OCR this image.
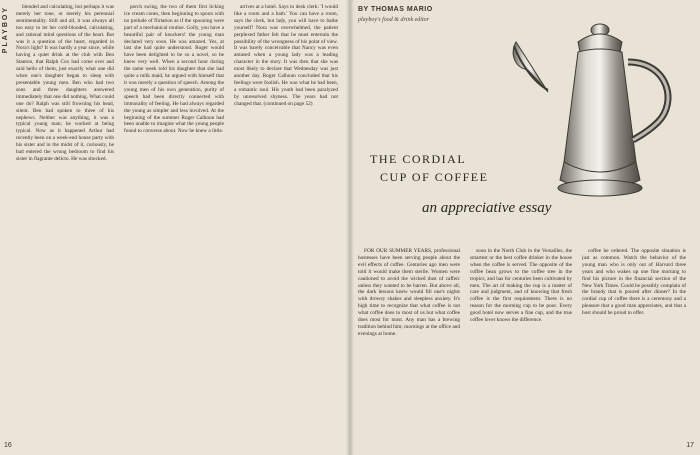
PLAYBOY	blended and calculating, but perhaps it was merely her tone, or merely his perennial sentimentality. Still and all, it was always all too easy to let her cold-blooded, calculating, and rational mind questions of the heart. But was it a question of the heart, regarded in Nora's light? It was hardly a year since, while having a quiet drink at the club with Ben Stanton, that Ralph Cox had come over and said hello of them, just exactly what one did when one's daughter began to sleep with presentable young men. Ben who had two sons and three daughters answered immediately that one did nothing. What could one do? Ralph was still frowning his head, silent. Ben had spoken to three of his nephews. Neither was anything, it was a typical young man; he worked at being typical. Now as it happened Arthur had recently been on a week-end house party with his sister and in the midst of it, curiously, he had entered the wrong bedroom to find his sister in flagrante delicto. He was shocked.

porch swing, the two of them first licking ice cream cones, then beginning to spoon with no prelude of flirtation as if the spooning were part of a mechanical routine. Golly, you have a beautiful pair of knockers! the young man declared very soon. He was amazed. Yes, at last she had quite understood. Roger would have been delighted to be so a novel, so he knew very well. When a second hour during the same week told his daughter that she had quite a milk maid, he argued with himself that it was merely a question of speech. Among the young men of his own generation, purity of speech had been directly connected with immorality of feeling. He had always regarded the young as simpler and less involved. At the beginning of the summer Roger Calhoun had been unable to imagine what the young people found to converse about. Now he knew a little.

arrives at a hotel. Says to desk clerk: 'I would like a room and a bath.' You can have a room, says the clerk, but lady, you will have to bathe yourself! Nora was overwhelmed, the patient perplexed father felt that he must entertain the possibility of the wrongness of his point of view. It was barely conceivable that Nancy was even amused when a young lady was a leading character in the story. It was then that she was most likely to declare that Wednesday was just another day. Roger Calhoun concluded that his feelings were foolish. He was what he had been, a romantic soul. His youth had been paralyzed by unresolved shyness. The years had not changed that. (continued on page 52)

16
BY THOMAS MARIO
playboy's food & drink editor
THE CORDIAL
CUP OF COFFEE
an appreciative essay

FOR OUR SUMMER YEARS, professional hostesses have been serving people about the evil effects of coffee. Centuries ago men were told it would make them sterile. Women were cautioned to avoid the wicked dust of caffeic unless they wanted to be barren. But above all, the dark lessons knew would fill one's nights with drowsy shakes and sleepless anxiety. It's high time to recognize that what coffee is not what coffee does to most of us but what coffee does most for most. Any man has a brewing tradition behind him; mornings at the office and evenings at home.

soon in the North Club in the Versailles, the smartest or the best coffee drinker in the house when the coffee is served. The opposite of the coffee bean grows to the coffee tree in the tropics, and has for centuries been cultivated by men. The art of making the cup is a matter of care and judgment, and of knowing that fresh coffee is the first requirement. There is no reason for the morning cup to be poor. Every good hotel now serves a fine cup, and the true coffee lover knows the difference.

coffee he ordered. The opposite situation is just as common. Watch the behavior of the young man who is only out of Harvard three years and who wakes up one fine morning to find his picture in the financial section of the New York Times. Could he possibly complain of the brandy that is poured after dinner? In the cordial cup of coffee there is a ceremony and a pleasure that a good man appreciates, and that a host should be proud to offer.

17
